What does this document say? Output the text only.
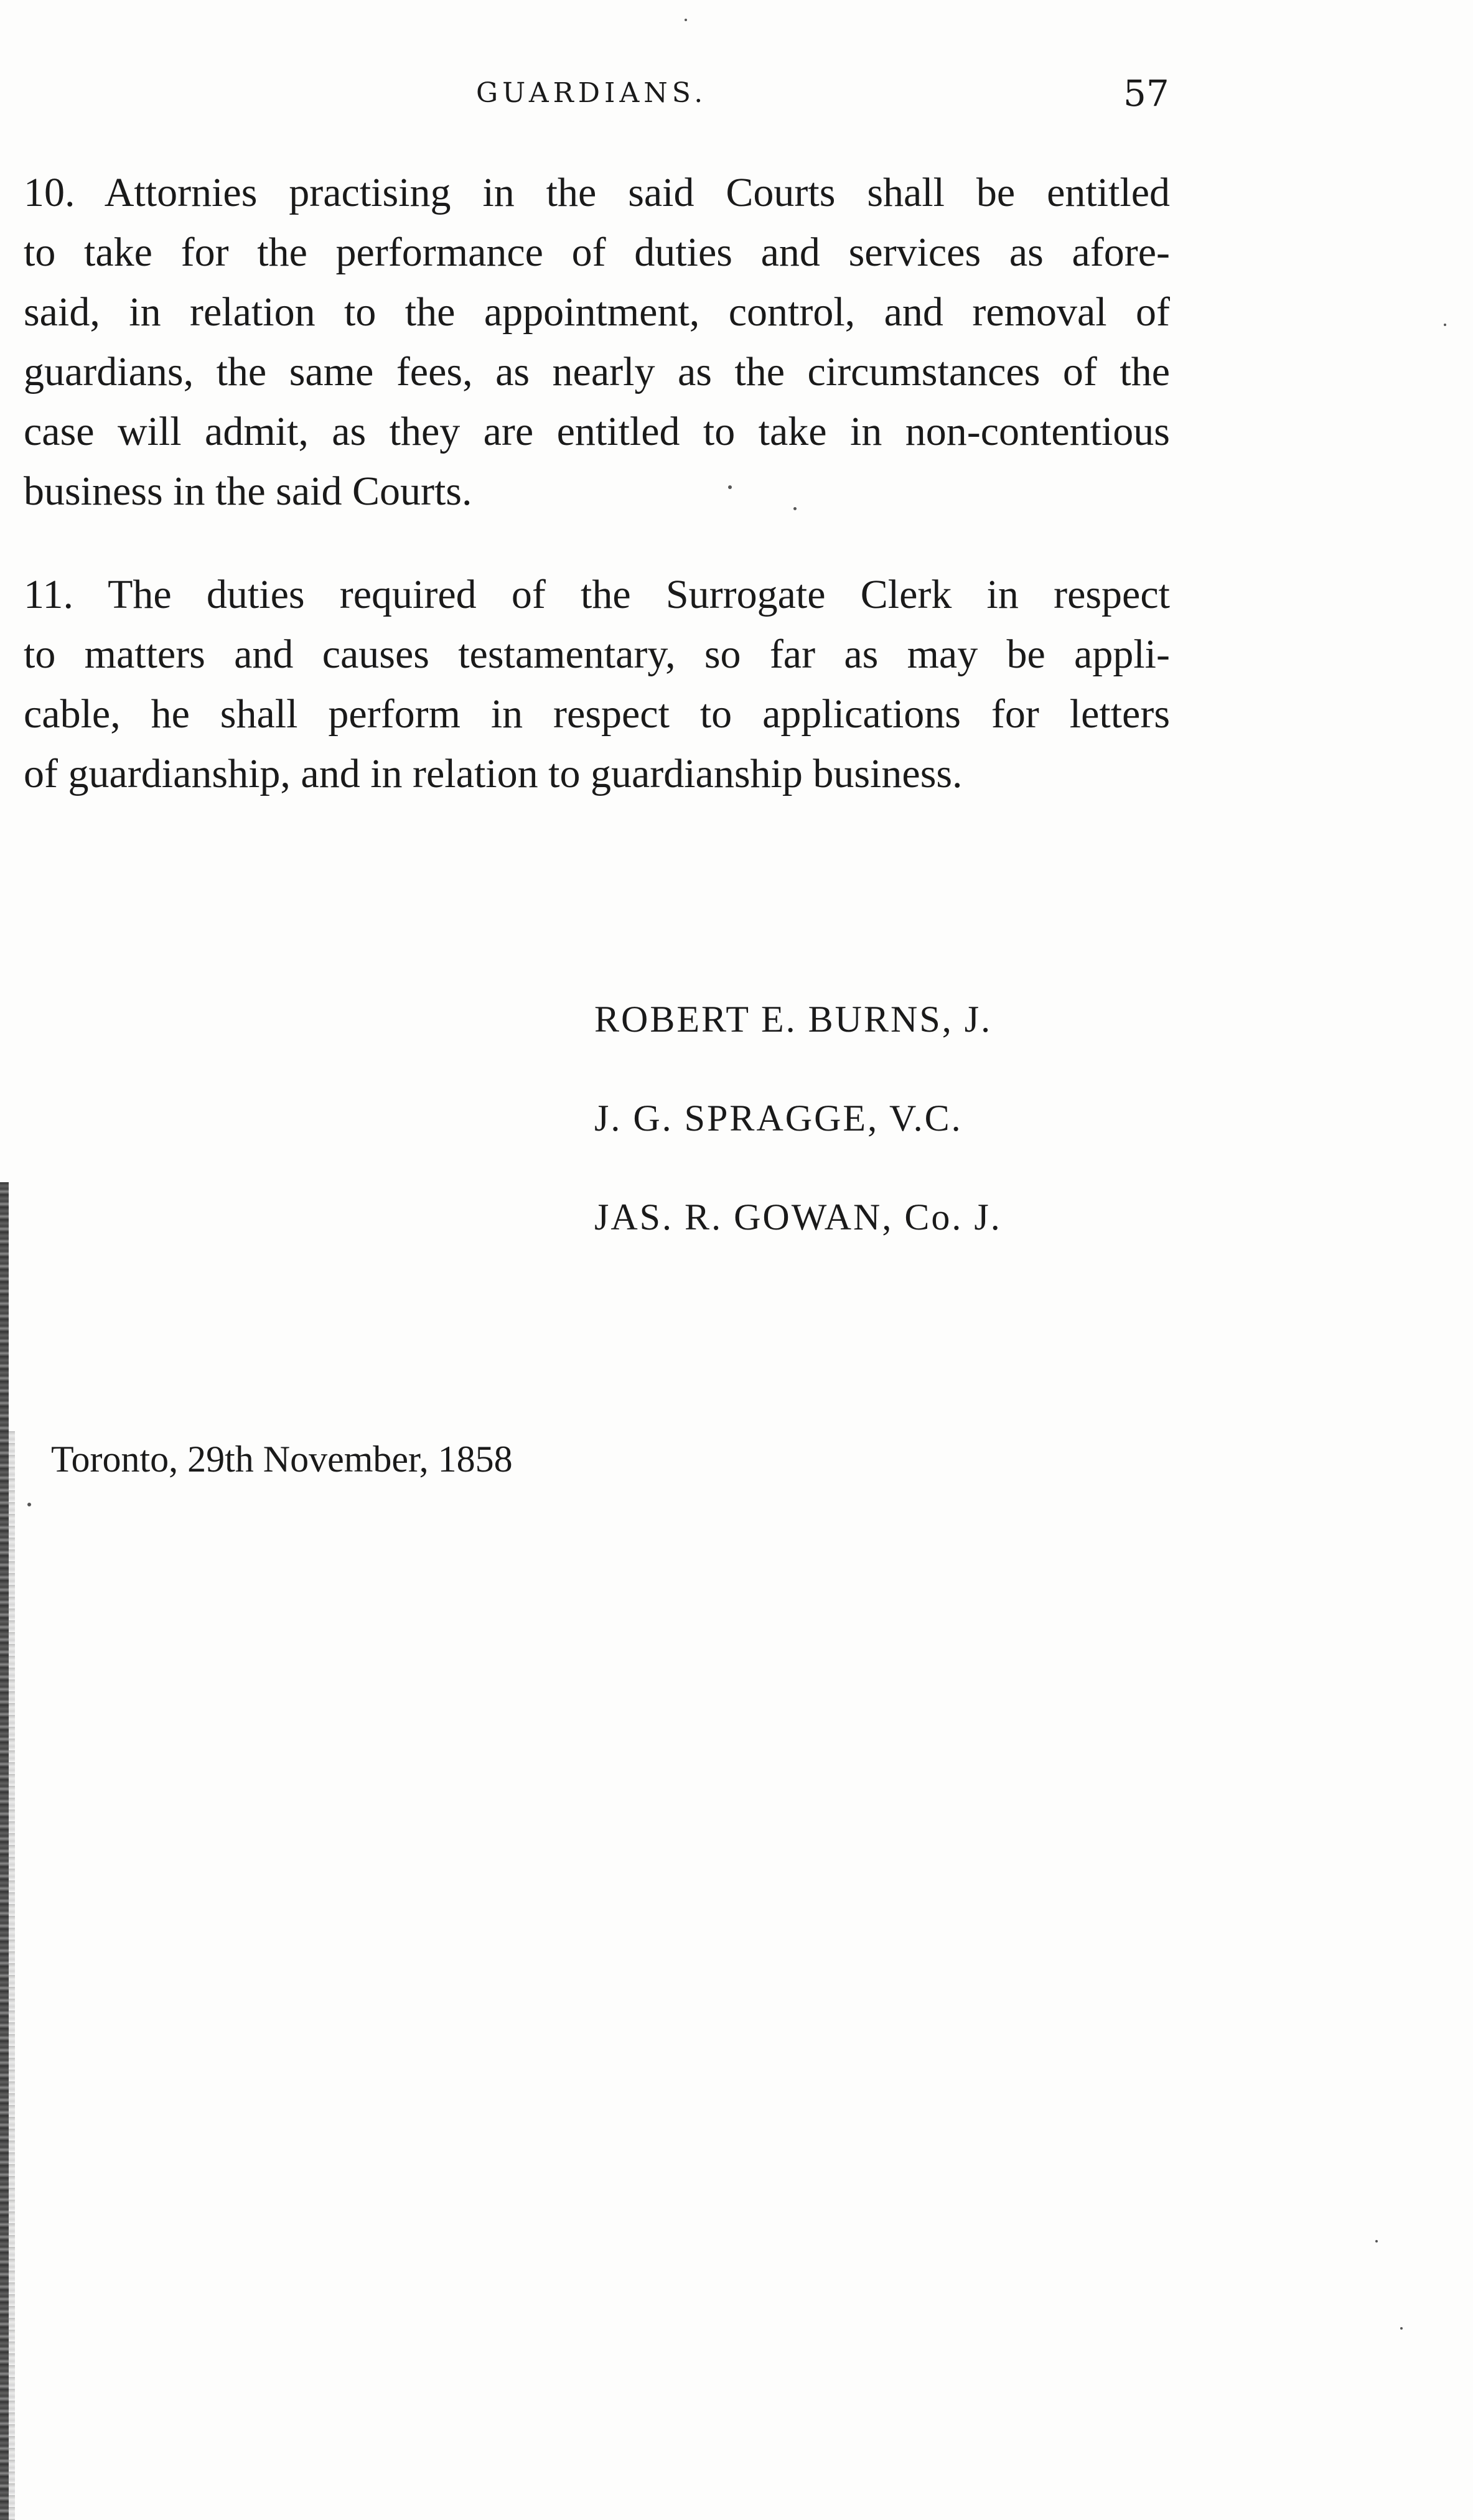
GUARDIANS.	57
10. Attornies practising in the said Courts shall be entitled
to take for the performance of duties and services as afore-
said, in relation to the appointment, control, and removal of
guardians, the same fees, as nearly as the circumstances of the
case will admit, as they are entitled to take in non-contentious
business in the said Courts.
11. The duties required of the Surrogate Clerk in respect
to matters and causes testamentary, so far as may be appli-
cable, he shall perform in respect to applications for letters
of guardianship, and in relation to guardianship business.
ROBERT E. BURNS, J.
J. G. SPRAGGE, V.C.
JAS. R. GOWAN, Co. J.
Toronto, 29th November, 1858
